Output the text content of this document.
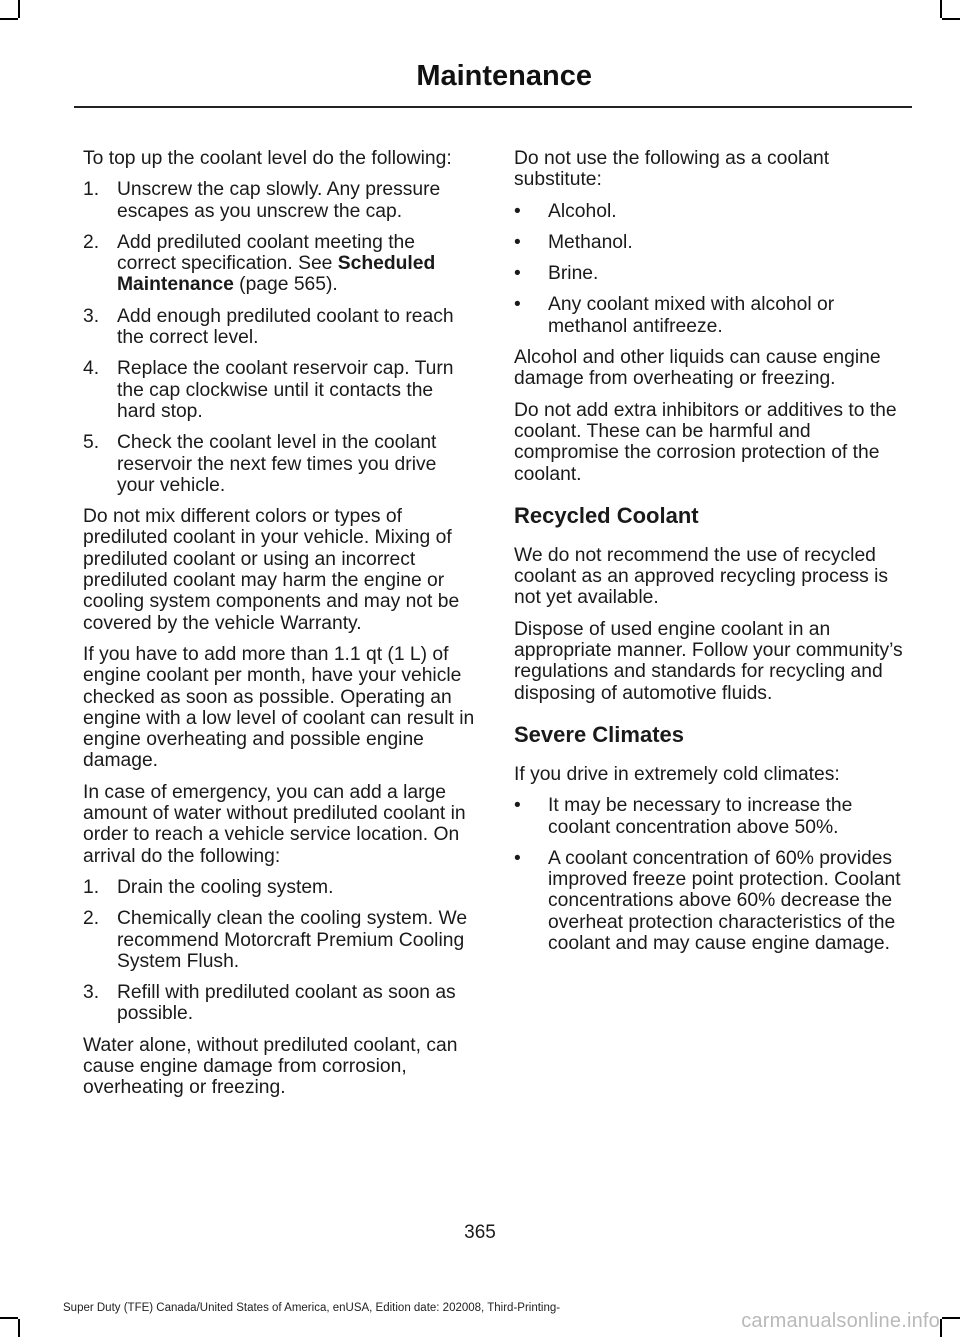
Maintenance

To top up the coolant level do the following:

1. Unscrew the cap slowly. Any pressure escapes as you unscrew the cap.
2. Add prediluted coolant meeting the correct specification. See Scheduled Maintenance (page 565).
3. Add enough prediluted coolant to reach the correct level.
4. Replace the coolant reservoir cap. Turn the cap clockwise until it contacts the hard stop.
5. Check the coolant level in the coolant reservoir the next few times you drive your vehicle.

Do not mix different colors or types of prediluted coolant in your vehicle. Mixing of prediluted coolant or using an incorrect prediluted coolant may harm the engine or cooling system components and may not be covered by the vehicle Warranty.

If you have to add more than 1.1 qt (1 L) of engine coolant per month, have your vehicle checked as soon as possible. Operating an engine with a low level of coolant can result in engine overheating and possible engine damage.

In case of emergency, you can add a large amount of water without prediluted coolant in order to reach a vehicle service location. On arrival do the following:

1. Drain the cooling system.
2. Chemically clean the cooling system. We recommend Motorcraft Premium Cooling System Flush.
3. Refill with prediluted coolant as soon as possible.

Water alone, without prediluted coolant, can cause engine damage from corrosion, overheating or freezing.

Do not use the following as a coolant substitute:

• Alcohol.
• Methanol.
• Brine.
• Any coolant mixed with alcohol or methanol antifreeze.

Alcohol and other liquids can cause engine damage from overheating or freezing.

Do not add extra inhibitors or additives to the coolant. These can be harmful and compromise the corrosion protection of the coolant.

Recycled Coolant

We do not recommend the use of recycled coolant as an approved recycling process is not yet available.

Dispose of used engine coolant in an appropriate manner. Follow your community’s regulations and standards for recycling and disposing of automotive fluids.

Severe Climates

If you drive in extremely cold climates:

• It may be necessary to increase the coolant concentration above 50%.
• A coolant concentration of 60% provides improved freeze point protection. Coolant concentrations above 60% decrease the overheat protection characteristics of the coolant and may cause engine damage.
365
Super Duty (TFE) Canada/United States of America, enUSA, Edition date: 202008, Third-Printing-
carmanualsonline.info
